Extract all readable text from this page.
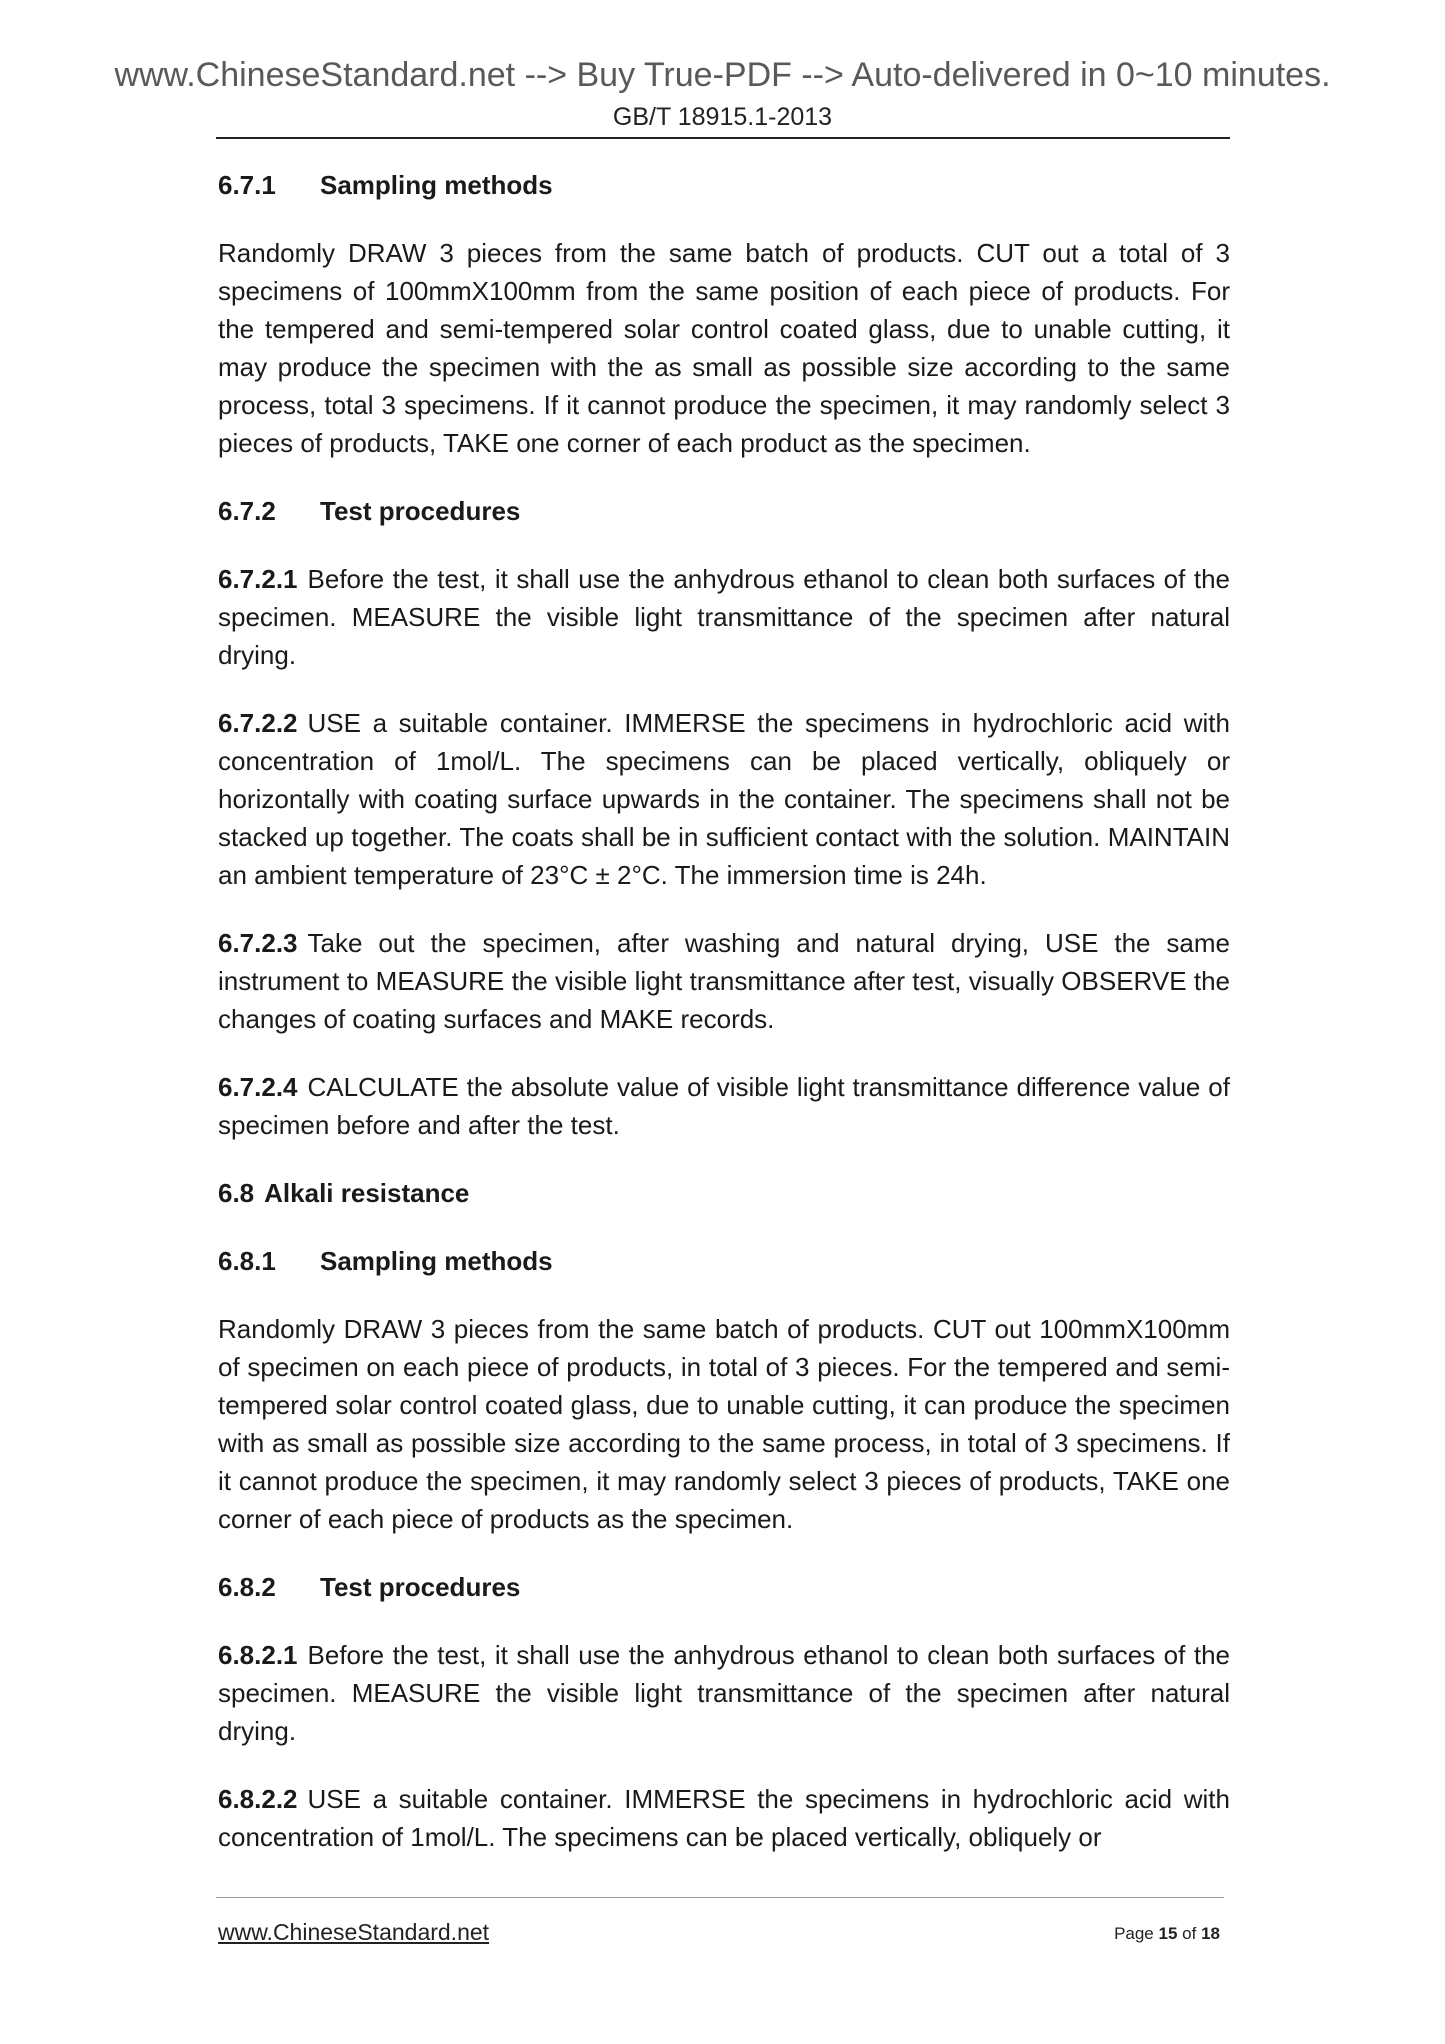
www.ChineseStandard.net --> Buy True-PDF --> Auto-delivered in 0~10 minutes.
GB/T 18915.1-2013
6.7.1 Sampling methods
Randomly DRAW 3 pieces from the same batch of products. CUT out a total of 3 specimens of 100mmX100mm from the same position of each piece of products. For the tempered and semi-tempered solar control coated glass, due to unable cutting, it may produce the specimen with the as small as possible size according to the same process, total 3 specimens. If it cannot produce the specimen, it may randomly select 3 pieces of products, TAKE one corner of each product as the specimen.
6.7.2 Test procedures
6.7.2.1 Before the test, it shall use the anhydrous ethanol to clean both surfaces of the specimen. MEASURE the visible light transmittance of the specimen after natural drying.
6.7.2.2 USE a suitable container. IMMERSE the specimens in hydrochloric acid with concentration of 1mol/L. The specimens can be placed vertically, obliquely or horizontally with coating surface upwards in the container. The specimens shall not be stacked up together. The coats shall be in sufficient contact with the solution. MAINTAIN an ambient temperature of 23°C ± 2°C. The immersion time is 24h.
6.7.2.3 Take out the specimen, after washing and natural drying, USE the same instrument to MEASURE the visible light transmittance after test, visually OBSERVE the changes of coating surfaces and MAKE records.
6.7.2.4 CALCULATE the absolute value of visible light transmittance difference value of specimen before and after the test.
6.8 Alkali resistance
6.8.1 Sampling methods
Randomly DRAW 3 pieces from the same batch of products. CUT out 100mmX100mm of specimen on each piece of products, in total of 3 pieces. For the tempered and semi-tempered solar control coated glass, due to unable cutting, it can produce the specimen with as small as possible size according to the same process, in total of 3 specimens. If it cannot produce the specimen, it may randomly select 3 pieces of products, TAKE one corner of each piece of products as the specimen.
6.8.2 Test procedures
6.8.2.1 Before the test, it shall use the anhydrous ethanol to clean both surfaces of the specimen. MEASURE the visible light transmittance of the specimen after natural drying.
6.8.2.2 USE a suitable container. IMMERSE the specimens in hydrochloric acid with concentration of 1mol/L. The specimens can be placed vertically, obliquely or
www.ChineseStandard.net	Page 15 of 18
